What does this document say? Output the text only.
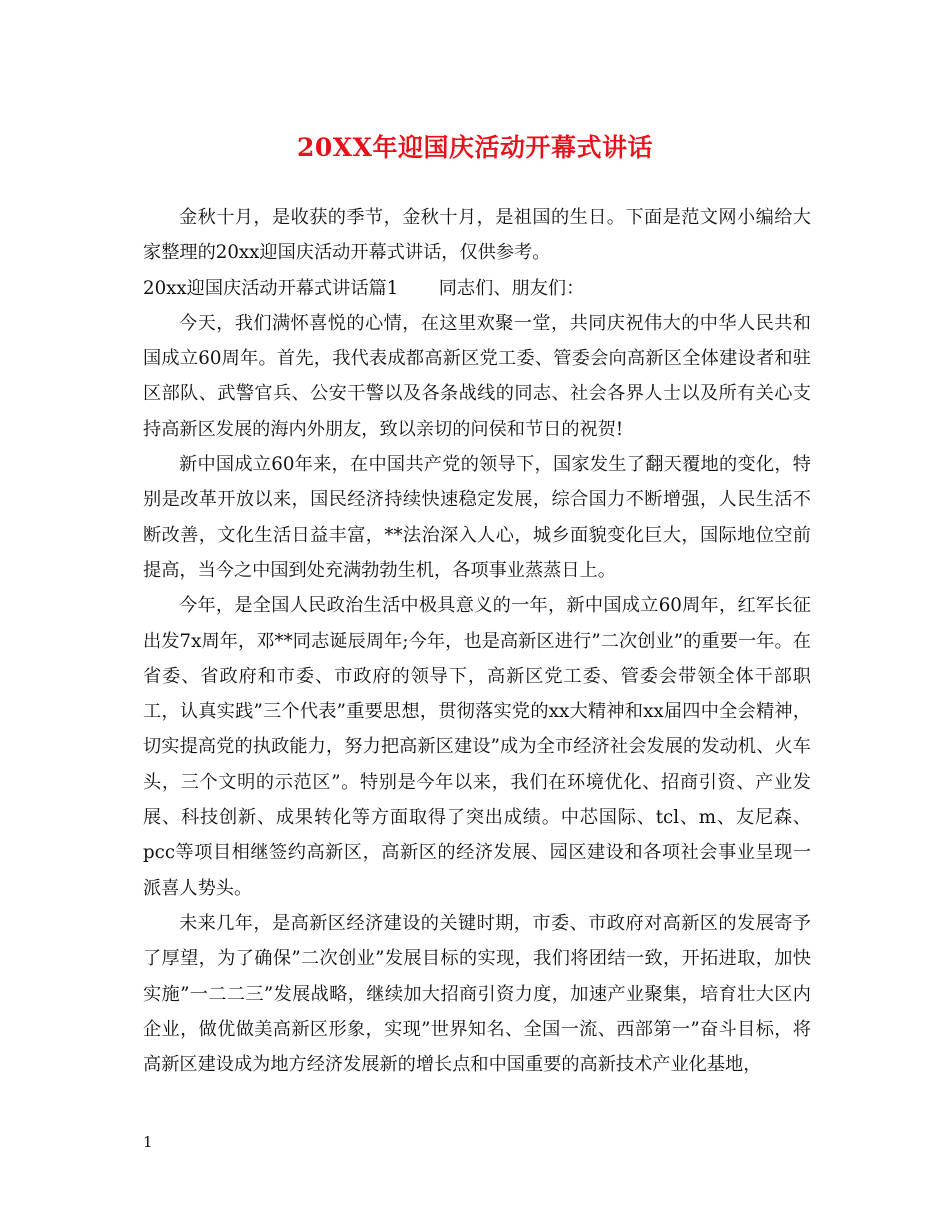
20XX年迎国庆活动开幕式讲话

金秋十月，是收获的季节，金秋十月，是祖国的生日。下面是范文网小编给大家整理的20xx迎国庆活动开幕式讲话，仅供参考。

20xx迎国庆活动开幕式讲话篇1 同志们、朋友们：

今天，我们满怀喜悦的心情，在这里欢聚一堂，共同庆祝伟大的中华人民共和国成立60周年。首先，我代表成都高新区党工委、管委会向高新区全体建设者和驻区部队、武警官兵、公安干警以及各条战线的同志、社会各界人士以及所有关心支持高新区发展的海内外朋友，致以亲切的问侯和节日的祝贺!

新中国成立60年来，在中国共产党的领导下，国家发生了翻天覆地的变化，特别是改革开放以来，国民经济持续快速稳定发展，综合国力不断增强，人民生活不断改善，文化生活日益丰富，**法治深入人心，城乡面貌变化巨大，国际地位空前提高，当今之中国到处充满勃勃生机，各项事业蒸蒸日上。

今年，是全国人民政治生活中极具意义的一年，新中国成立60周年，红军长征出发7x周年，邓**同志诞辰周年;今年，也是高新区进行”二次创业”的重要一年。在省委、省政府和市委、市政府的领导下，高新区党工委、管委会带领全体干部职工，认真实践”三个代表”重要思想，贯彻落实党的xx大精神和xx届四中全会精神，切实提高党的执政能力，努力把高新区建设”成为全市经济社会发展的发动机、火车头，三个文明的示范区”。特别是今年以来，我们在环境优化、招商引资、产业发展、科技创新、成果转化等方面取得了突出成绩。中芯国际、tcl、m、友尼森、pcc等项目相继签约高新区，高新区的经济发展、园区建设和各项社会事业呈现一派喜人势头。

未来几年，是高新区经济建设的关键时期，市委、市政府对高新区的发展寄予了厚望，为了确保”二次创业”发展目标的实现，我们将团结一致，开拓进取，加快实施”一二二三”发展战略，继续加大招商引资力度，加速产业聚集，培育壮大区内企业，做优做美高新区形象，实现”世界知名、全国一流、西部第一”奋斗目标，将高新区建设成为地方经济发展新的增长点和中国重要的高新技术产业化基地，

1
